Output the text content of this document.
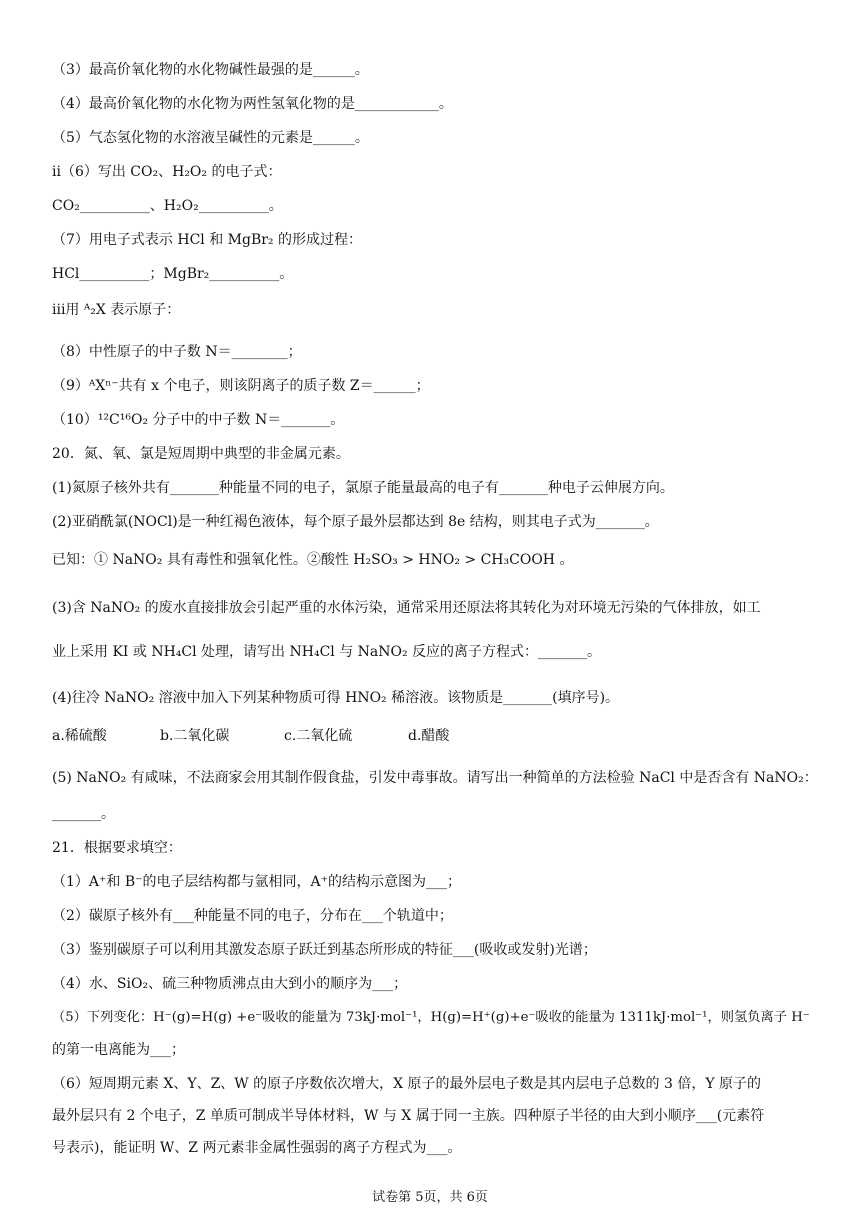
（3）最高价氧化物的水化物碱性最强的是______。
（4）最高价氧化物的水化物为两性氢氧化物的是____________。
（5）气态氢化物的水溶液呈碱性的元素是______。
ii（6）写出 CO₂、H₂O₂ 的电子式：
CO₂__________、H₂O₂__________。
（7）用电子式表示 HCl 和 MgBr₂ 的形成过程：
HCl__________；MgBr₂__________。
iii用 ᴬ₂X 表示原子：
（8）中性原子的中子数 N＝________；
（9）ᴬXⁿ⁻共有 x 个电子，则该阴离子的质子数 Z＝______；
（10）¹²C¹⁶O₂ 分子中的中子数 N＝_______。
20．氮、氧、氯是短周期中典型的非金属元素。
(1)氮原子核外共有_______种能量不同的电子，氯原子能量最高的电子有_______种电子云伸展方向。
(2)亚硝酰氯(NOCl)是一种红褐色液体，每个原子最外层都达到 8e 结构，则其电子式为_______。
已知：① NaNO₂ 具有毒性和强氧化性。②酸性 H₂SO₃ > HNO₂ > CH₃COOH 。
(3)含 NaNO₂ 的废水直接排放会引起严重的水体污染，通常采用还原法将其转化为对环境无污染的气体排放，如工
业上采用 KI 或 NH₄Cl 处理，请写出 NH₄Cl 与 NaNO₂ 反应的离子方程式：_______。
(4)往冷 NaNO₂ 溶液中加入下列某种物质可得 HNO₂ 稀溶液。该物质是_______(填序号)。
a.稀硫酸	b.二氧化碳	c.二氧化硫	d.醋酸
(5) NaNO₂ 有咸味，不法商家会用其制作假食盐，引发中毒事故。请写出一种简单的方法检验 NaCl 中是否含有 NaNO₂：
_______。
21．根据要求填空：
（1）A⁺和 B⁻的电子层结构都与氩相同，A⁺的结构示意图为___；
（2）碳原子核外有___种能量不同的电子，分布在___个轨道中；
（3）鉴别碳原子可以利用其激发态原子跃迁到基态所形成的特征___(吸收或发射)光谱；
（4）水、SiO₂、硫三种物质沸点由大到小的顺序为___；
（5）下列变化：H⁻(g)=H(g) +e⁻吸收的能量为 73kJ·mol⁻¹，H(g)=H⁺(g)+e⁻吸收的能量为 1311kJ·mol⁻¹，则氢负离子 H⁻
的第一电离能为___；
（6）短周期元素 X、Y、Z、W 的原子序数依次增大，X 原子的最外层电子数是其内层电子总数的 3 倍，Y 原子的
最外层只有 2 个电子，Z 单质可制成半导体材料，W 与 X 属于同一主族。四种原子半径的由大到小顺序___(元素符
号表示)，能证明 W、Z 两元素非金属性强弱的离子方程式为___。
试卷第 5页，共 6页
